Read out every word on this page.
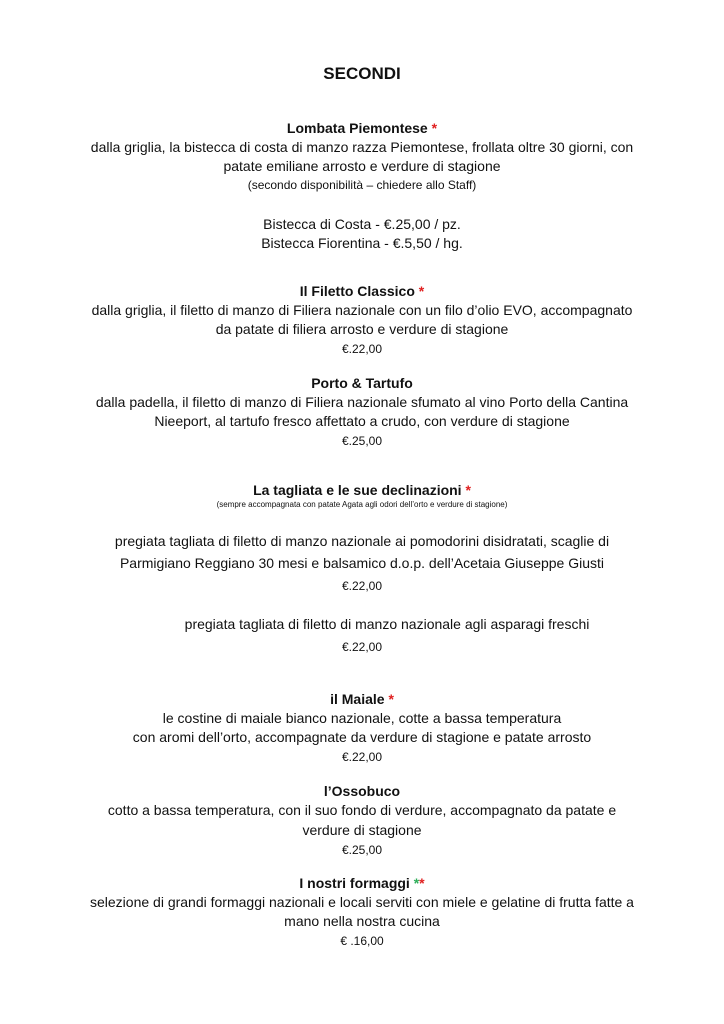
SECONDI
Lombata Piemontese *
dalla griglia, la bistecca di costa di manzo razza Piemontese, frollata oltre 30 giorni, con
patate emiliane arrosto e verdure di stagione
(secondo disponibilità – chiedere allo Staff)
Bistecca di Costa - €.25,00 / pz.
Bistecca Fiorentina - €.5,50 / hg.
Il Filetto Classico *
dalla griglia, il filetto di manzo di Filiera nazionale con un filo d’olio EVO, accompagnato
da patate di filiera arrosto e verdure di stagione
€.22,00
Porto & Tartufo
dalla padella, il filetto di manzo di Filiera nazionale sfumato al vino Porto della Cantina
Nieeport, al tartufo fresco affettato a crudo, con verdure di stagione
€.25,00
La tagliata e le sue declinazioni *
(sempre accompagnata con patate Agata agli odori dell’orto e verdure di stagione)
pregiata tagliata di filetto di manzo nazionale ai pomodorini disidratati, scaglie di
Parmigiano Reggiano 30 mesi e balsamico d.o.p. dell’Acetaia Giuseppe Giusti
€.22,00
pregiata tagliata di filetto di manzo nazionale agli asparagi freschi
€.22,00
il Maiale *
le costine di maiale bianco nazionale, cotte a bassa temperatura
con aromi dell’orto, accompagnate da verdure di stagione e patate arrosto
€.22,00
l’Ossobuco
cotto a bassa temperatura, con il suo fondo di verdure, accompagnato da patate e
verdure di stagione
€.25,00
I nostri formaggi **
selezione di grandi formaggi nazionali e locali serviti con miele e gelatine di frutta fatte a
mano nella nostra cucina
€ .16,00
